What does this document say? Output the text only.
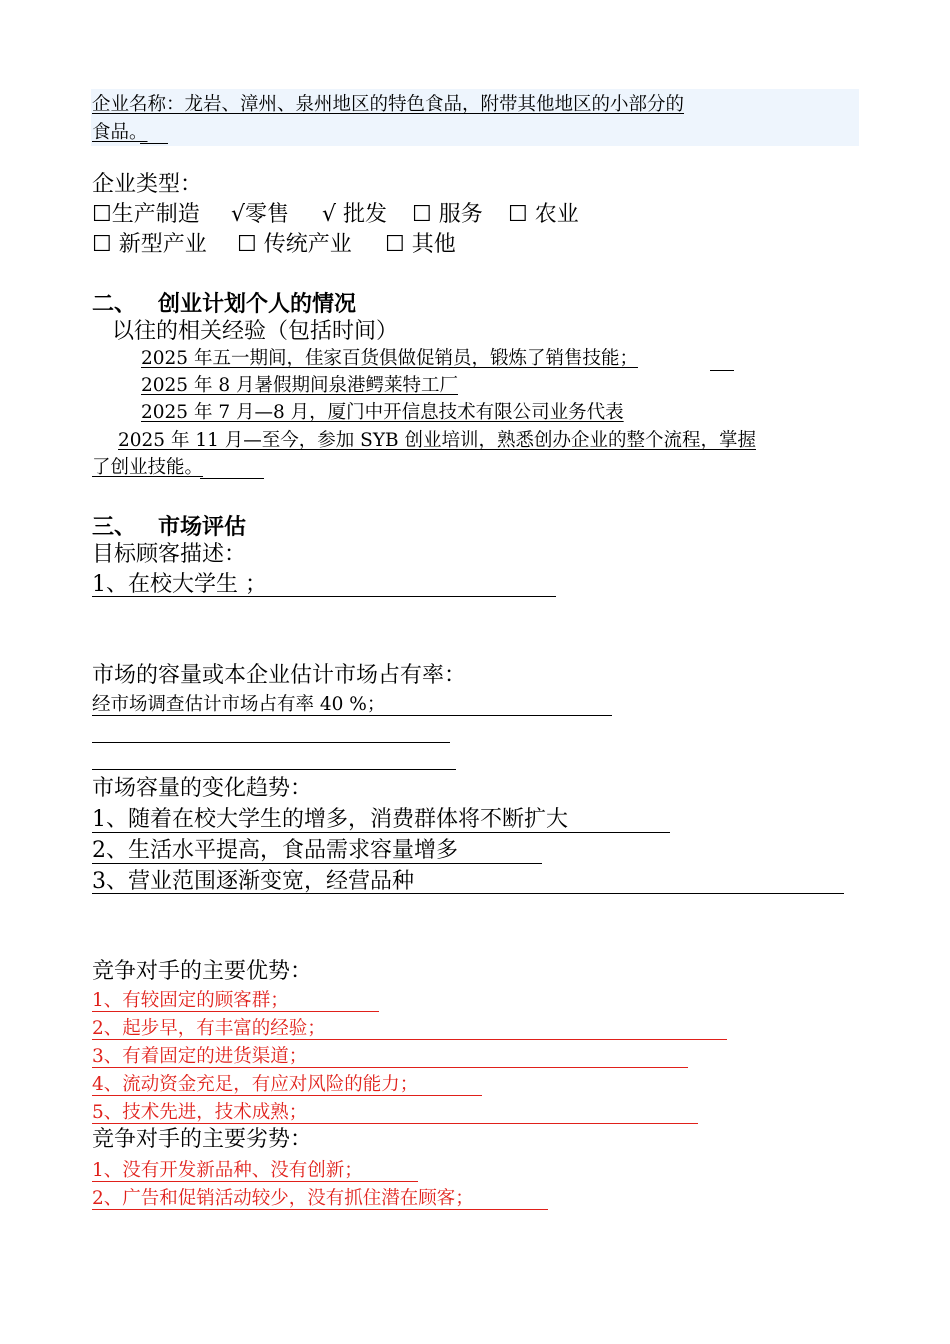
企业名称：龙岩、漳州、泉州地区的特色食品，附带其他地区的小部分的
食品。
企业类型：
☐生产制造 √零售 √ 批发 ☐ 服务 ☐ 农业
☐ 新型产业 ☐ 传统产业 ☐ 其他
二、 创业计划个人的情况
以往的相关经验（包括时间）
2025 年五一期间，佳家百货俱做促销员，锻炼了销售技能；
2025 年 8 月暑假期间泉港鳄莱特工厂
2025 年 7 月—8 月，厦门中开信息技术有限公司业务代表
2025 年 11 月—至今，参加 SYB 创业培训，熟悉创办企业的整个流程，掌握
了创业技能。
三、 市场评估
目标顾客描述：
1、在校大学生 ；
市场的容量或本企业估计市场占有率：
经市场调查估计市场占有率 40 %；
市场容量的变化趋势：
1、随着在校大学生的增多，消费群体将不断扩大
2、生活水平提高，食品需求容量增多
3、营业范围逐渐变宽，经营品种
竞争对手的主要优势：
1、有较固定的顾客群；
2、起步早，有丰富的经验；
3、有着固定的进货渠道；
4、流动资金充足，有应对风险的能力；
5、技术先进，技术成熟；
竞争对手的主要劣势：
1、没有开发新品种、没有创新；
2、广告和促销活动较少，没有抓住潜在顾客；
